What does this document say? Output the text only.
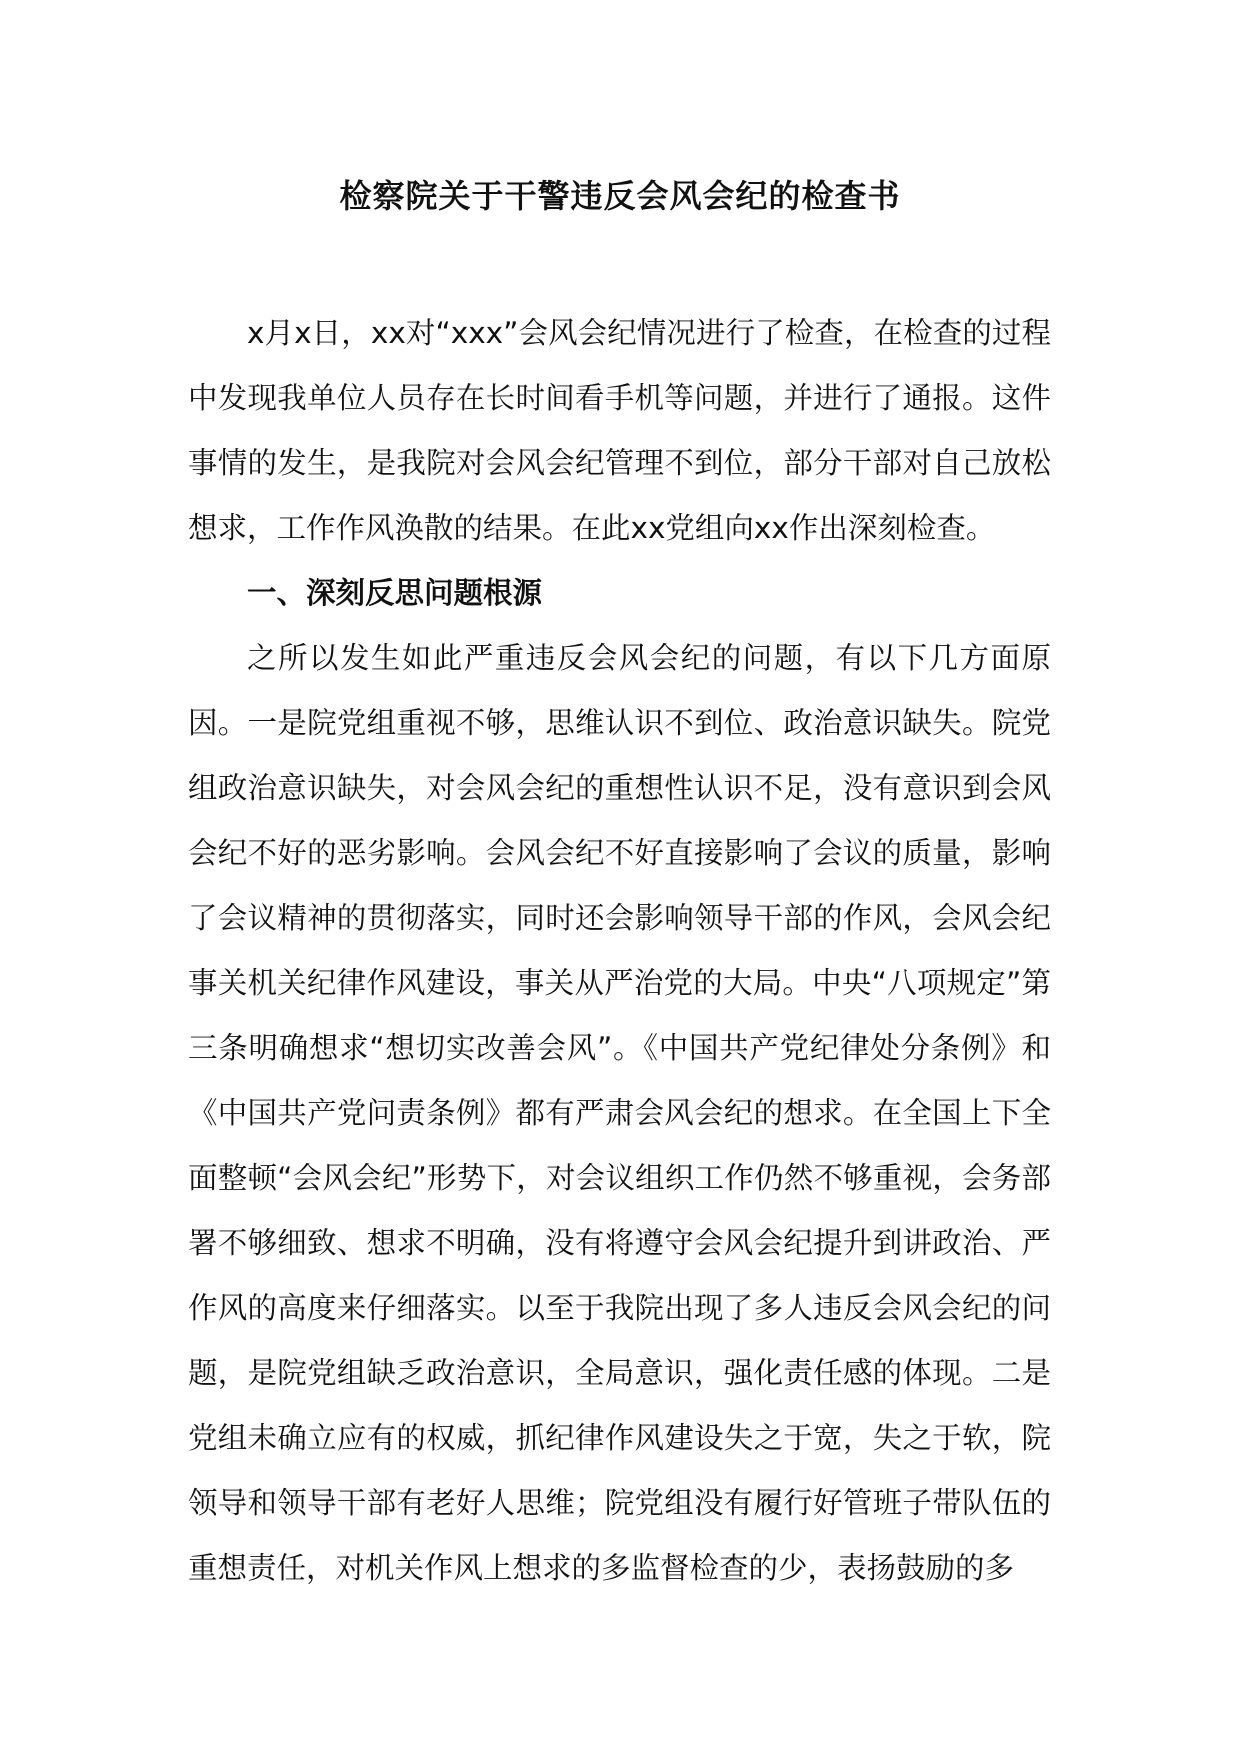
检察院关于干警违反会风会纪的检查书

x月x日，xx对“xxx”会风会纪情况进行了检查，在检查的过程中发现我单位人员存在长时间看手机等问题，并进行了通报。这件事情的发生，是我院对会风会纪管理不到位，部分干部对自己放松想求，工作作风涣散的结果。在此xx党组向xx作出深刻检查。

一、深刻反思问题根源

之所以发生如此严重违反会风会纪的问题，有以下几方面原因。一是院党组重视不够，思维认识不到位、政治意识缺失。院党组政治意识缺失，对会风会纪的重想性认识不足，没有意识到会风会纪不好的恶劣影响。会风会纪不好直接影响了会议的质量，影响了会议精神的贯彻落实，同时还会影响领导干部的作风，会风会纪事关机关纪律作风建设，事关从严治党的大局。中央“八项规定”第三条明确想求“想切实改善会风”。《中国共产党纪律处分条例》和《中国共产党问责条例》都有严肃会风会纪的想求。在全国上下全面整顿“会风会纪”形势下，对会议组织工作仍然不够重视，会务部署不够细致、想求不明确，没有将遵守会风会纪提升到讲政治、严作风的高度来仔细落实。以至于我院出现了多人违反会风会纪的问题，是院党组缺乏政治意识，全局意识，强化责任感的体现。二是党组未确立应有的权威，抓纪律作风建设失之于宽，失之于软，院领导和领导干部有老好人思维；院党组没有履行好管班子带队伍的重想责任，对机关作风上想求的多监督检查的少，表扬鼓励的多
